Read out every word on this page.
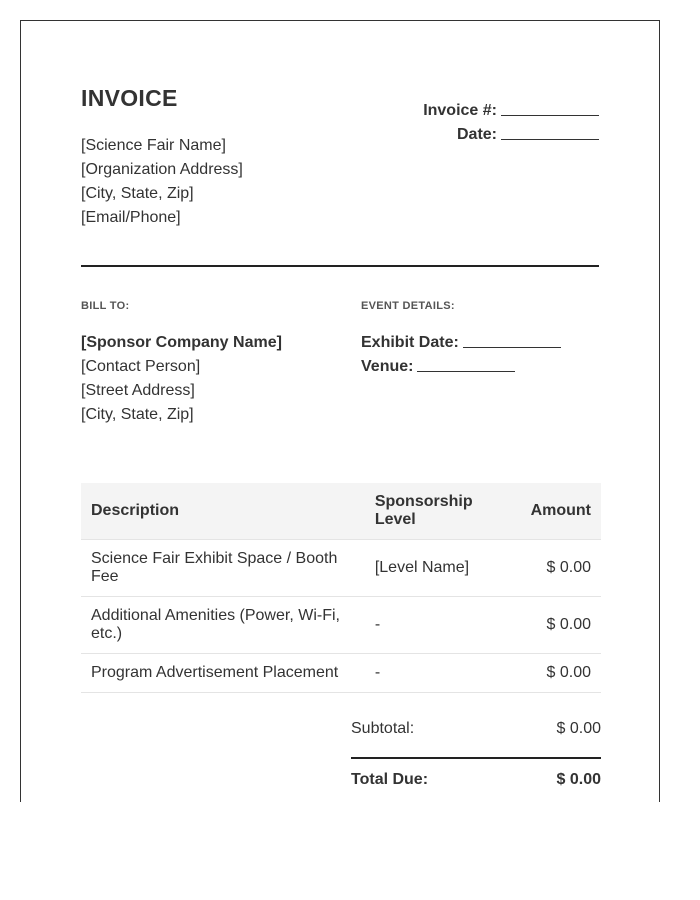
INVOICE
[Science Fair Name]
[Organization Address]
[City, State, Zip]
[Email/Phone]
Invoice #:
Date:
BILL TO:	EVENT DETAILS:
[Sponsor Company Name]
[Contact Person]
[Street Address]
[City, State, Zip]
Exhibit Date:
Venue:
Description	Sponsorship Level	Amount
Science Fair Exhibit Space / Booth Fee	[Level Name]	$ 0.00
Additional Amenities (Power, Wi-Fi, etc.)	-	$ 0.00
Program Advertisement Placement	-	$ 0.00
Subtotal:	$ 0.00
Total Due:	$ 0.00
